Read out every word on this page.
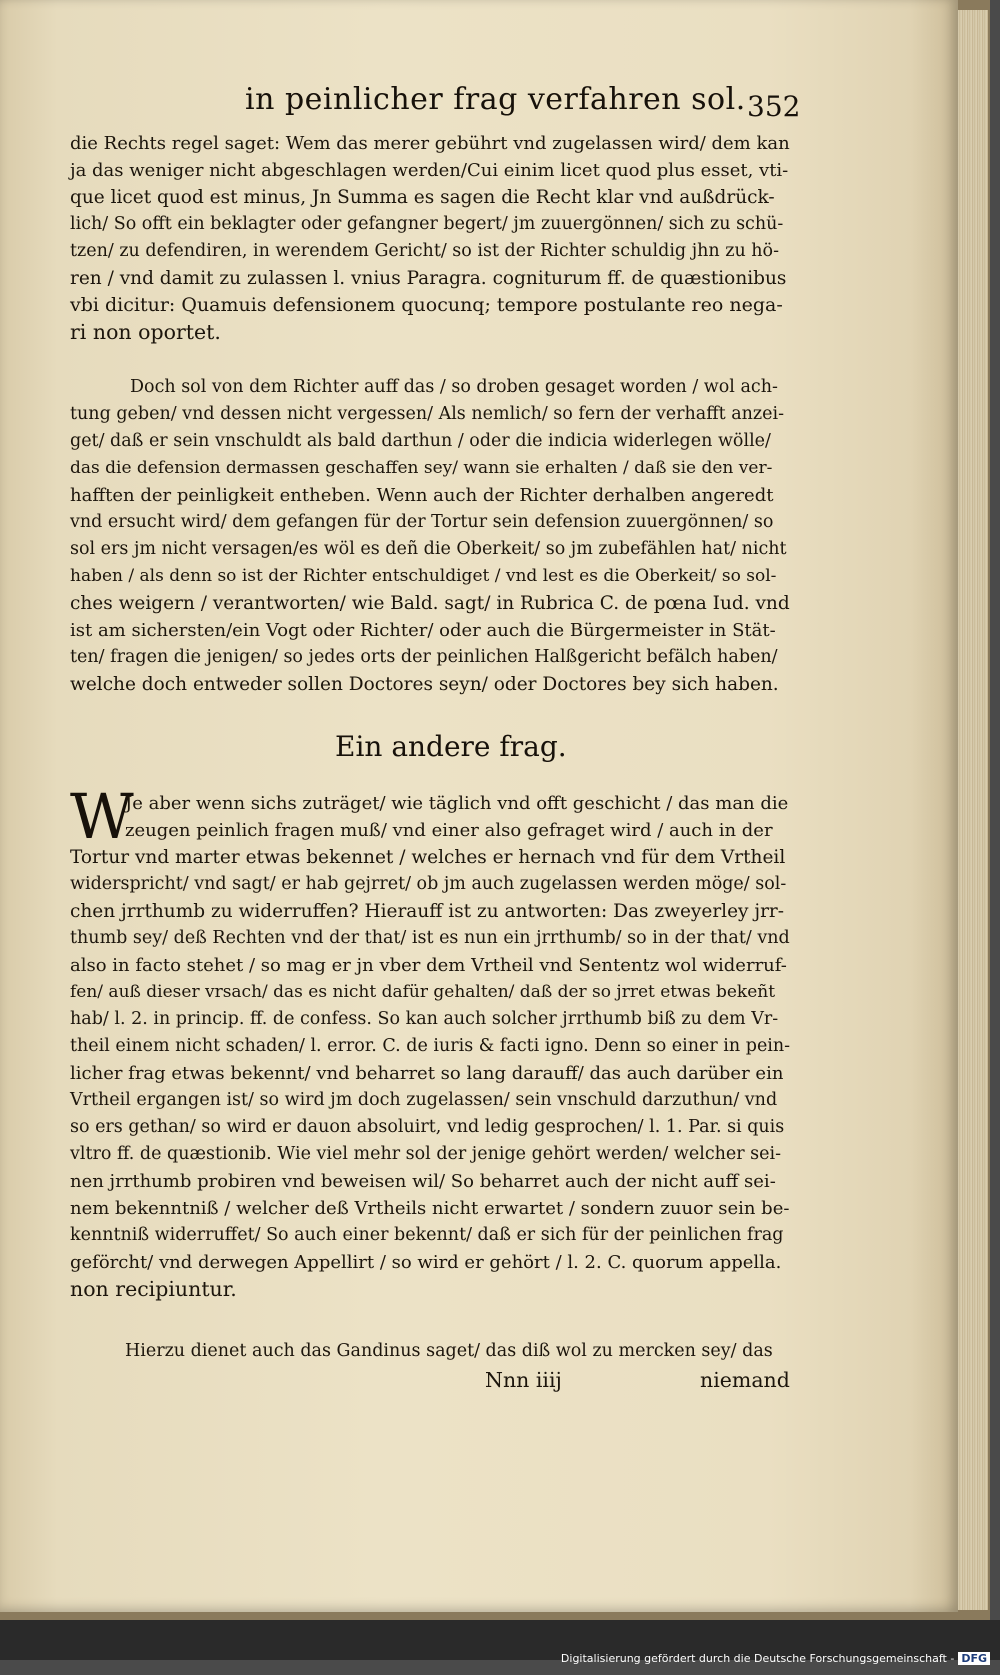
in peinlicher frag verfahren sol. 352
die Rechts regel saget: Wem das merer gebührt vnd zugelassen wird/ dem kan
ja das weniger nicht abgeschlagen werden/Cui einim licet quod plus esset, vti-
que licet quod est minus, Jn Summa es sagen die Recht klar vnd außdrück-
lich/ So offt ein beklagter oder gefangner begert/ jm zuuergönnen/ sich zu schü-
tzen/ zu defendiren, in werendem Gericht/ so ist der Richter schuldig jhn zu hö-
ren / vnd damit zu zulassen l. vnius Paragra. cogniturum ff. de quæstionibus
vbi dicitur: Quamuis defensionem quocunq; tempore postulante reo nega-
ri non oportet.
Doch sol von dem Richter auff das / so droben gesaget worden / wol ach-
tung geben/ vnd dessen nicht vergessen/ Als nemlich/ so fern der verhafft anzei-
get/ daß er sein vnschuldt als bald darthun / oder die indicia widerlegen wölle/
das die defension dermassen geschaffen sey/ wann sie erhalten / daß sie den ver-
hafften der peinligkeit entheben. Wenn auch der Richter derhalben angeredt
vnd ersucht wird/ dem gefangen für der Tortur sein defension zuuergönnen/ so
sol ers jm nicht versagen/es wöl es deñ die Oberkeit/ so jm zubefählen hat/ nicht
haben / als denn so ist der Richter entschuldiget / vnd lest es die Oberkeit/ so sol-
ches weigern / verantworten/ wie Bald. sagt/ in Rubrica C. de pœna Iud. vnd
ist am sichersten/ein Vogt oder Richter/ oder auch die Bürgermeister in Stät-
ten/ fragen die jenigen/ so jedes orts der peinlichen Halßgericht befälch haben/
welche doch entweder sollen Doctores seyn/ oder Doctores bey sich haben.
Ein andere frag.
W
Je aber wenn sichs zuträget/ wie täglich vnd offt geschicht / das man die
zeugen peinlich fragen muß/ vnd einer also gefraget wird / auch in der
Tortur vnd marter etwas bekennet / welches er hernach vnd für dem Vrtheil
widerspricht/ vnd sagt/ er hab gejrret/ ob jm auch zugelassen werden möge/ sol-
chen jrrthumb zu widerruffen? Hierauff ist zu antworten: Das zweyerley jrr-
thumb sey/ deß Rechten vnd der that/ ist es nun ein jrrthumb/ so in der that/ vnd
also in facto stehet / so mag er jn vber dem Vrtheil vnd Sententz wol widerruf-
fen/ auß dieser vrsach/ das es nicht dafür gehalten/ daß der so jrret etwas bekeñt
hab/ l. 2. in princip. ff. de confess. So kan auch solcher jrrthumb biß zu dem Vr-
theil einem nicht schaden/ l. error. C. de iuris & facti igno. Denn so einer in pein-
licher frag etwas bekennt/ vnd beharret so lang darauff/ das auch darüber ein
Vrtheil ergangen ist/ so wird jm doch zugelassen/ sein vnschuld darzuthun/ vnd
so ers gethan/ so wird er dauon absoluirt, vnd ledig gesprochen/ l. 1. Par. si quis
vltro ff. de quæstionib. Wie viel mehr sol der jenige gehört werden/ welcher sei-
nen jrrthumb probiren vnd beweisen wil/ So beharret auch der nicht auff sei-
nem bekenntniß / welcher deß Vrtheils nicht erwartet / sondern zuuor sein be-
kenntniß widerruffet/ So auch einer bekennt/ daß er sich für der peinlichen frag
geförcht/ vnd derwegen Appellirt / so wird er gehört / l. 2. C. quorum appella.
non recipiuntur.
Hierzu dienet auch das Gandinus saget/ das diß wol zu mercken sey/ das
Nnn iiij	niemand
Digitalisierung gefördert durch die Deutsche Forschungsgemeinschaft - DFG
